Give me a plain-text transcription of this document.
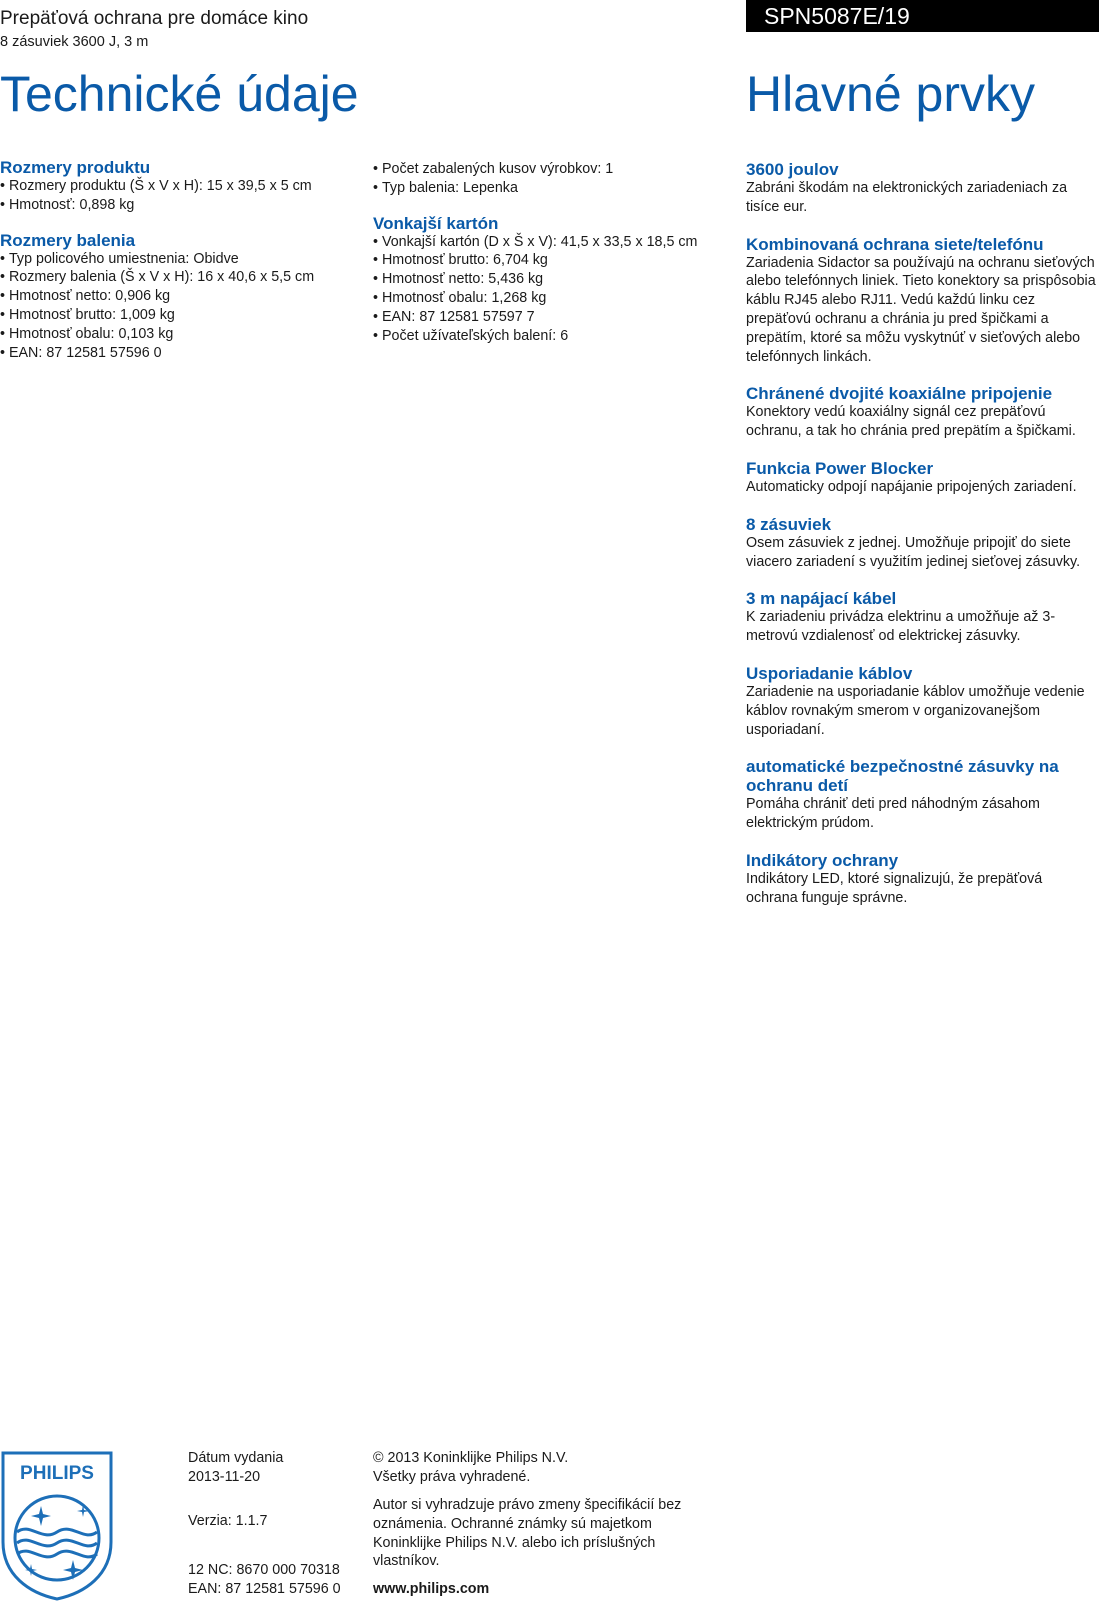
Prepäťová ochrana pre domáce kino
8 zásuviek 3600 J, 3 m
SPN5087E/19
Technické údaje	Hlavné prvky
Rozmery produktu
• Rozmery produktu (Š x V x H): 15 x 39,5 x 5 cm
• Hmotnosť: 0,898 kg
Rozmery balenia
• Typ policového umiestnenia: Obidve
• Rozmery balenia (Š x V x H): 16 x 40,6 x 5,5 cm
• Hmotnosť netto: 0,906 kg
• Hmotnosť brutto: 1,009 kg
• Hmotnosť obalu: 0,103 kg
• EAN: 87 12581 57596 0
• Počet zabalených kusov výrobkov: 1
• Typ balenia: Lepenka
Vonkajší kartón
• Vonkajší kartón (D x Š x V): 41,5 x 33,5 x 18,5 cm
• Hmotnosť brutto: 6,704 kg
• Hmotnosť netto: 5,436 kg
• Hmotnosť obalu: 1,268 kg
• EAN: 87 12581 57597 7
• Počet užívateľských balení: 6
3600 joulov

Zabráni škodám na elektronických zariadeniach za tisíce eur.

Kombinovaná ochrana siete/telefónu

Zariadenia Sidactor sa používajú na ochranu sieťových alebo telefónnych liniek. Tieto konektory sa prispôsobia káblu RJ45 alebo RJ11. Vedú každú linku cez prepäťovú ochranu a chránia ju pred špičkami a prepätím, ktoré sa môžu vyskytnúť v sieťových alebo telefónnych linkách.

Chránené dvojité koaxiálne pripojenie

Konektory vedú koaxiálny signál cez prepäťovú ochranu, a tak ho chránia pred prepätím a špičkami.

Funkcia Power Blocker

Automaticky odpojí napájanie pripojených zariadení.

8 zásuviek

Osem zásuviek z jednej. Umožňuje pripojiť do siete viacero zariadení s využitím jedinej sieťovej zásuvky.

3 m napájací kábel

K zariadeniu privádza elektrinu a umožňuje až 3-metrovú vzdialenosť od elektrickej zásuvky.

Usporiadanie káblov

Zariadenie na usporiadanie káblov umožňuje vedenie káblov rovnakým smerom v organizovanejšom usporiadaní.

automatické bezpečnostné zásuvky na ochranu detí

Pomáha chrániť deti pred náhodným zásahom elektrickým prúdom.

Indikátory ochrany

Indikátory LED, ktoré signalizujú, že prepäťová ochrana funguje správne.

PHILIPS
Dátum vydania
2013-11-20
Verzia: 1.1.7
12 NC: 8670 000 70318
EAN: 87 12581 57596 0
© 2013 Koninklijke Philips N.V.
Všetky práva vyhradené.
Autor si vyhradzuje právo zmeny špecifikácií bez oznámenia. Ochranné známky sú majetkom Koninklijke Philips N.V. alebo ich príslušných vlastníkov.
www.philips.com
